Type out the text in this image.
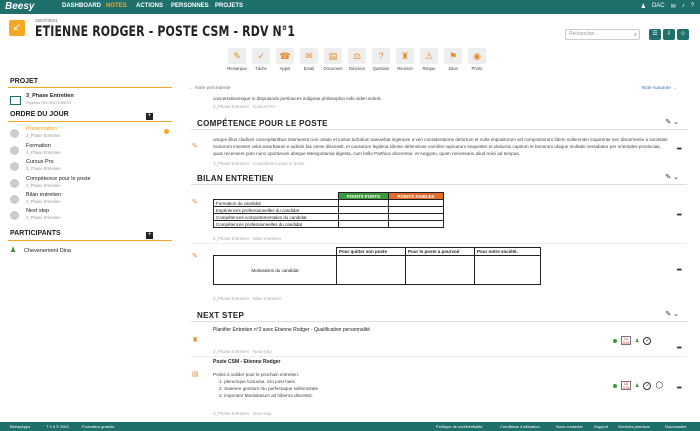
Beesy	DASHBOARD NOTES ACTIONS PERSONNES PROJETS	♟ DAC ✉ ♪ ?
↙
16/07/2021
ETIENNE RODGER - POSTE CSM - RDV N°1	Rechercher...	⌕	☰	⇩	☺
✎
Remarque
✓
Tâche
☎
Appel
✉
Email
▤
Document
⚖
Décision
?
Question
♜
Réunion
⚠
Risque
⚑
Jalon
◉
Photo
PROJET
3_Phase Entretien
Pipeline RECRUTEMENT
ORDRE DU JOUR	+
Présentation
3_Phase Entretien
Formation
3_Phase Entretien
Cursus Pro
3_Phase Entretien
Compétence pour le poste
3_Phase Entretien
Bilan entretien
3_Phase Entretien
Next step
3_Phase Entretien
PARTICIPANTS	+
♟	Chevenement Dina
← Note précédente	Note suivante →
concertationesque in disputando pertinaces indignae philosophia mihi videri solent.
3_Phase Entretien · Cursus Pro
COMPÉTENCE POUR LE POSTE	✎ ⌄
✎
umque illius cladium concepitaritbus interiuerint non celato et iuntus turbidum saeviebat ingenium a veri consideratione detortum et nulla impositorum vel compositorum fidem sollemniter inquirente nec discernente a societate
noxiorum insontes velut exturbatum e iudiciis fas omne discessit, et causarum legitima silente defensione carnifex rapinarum sequester et obductio capitum et bonorum ubique multatio versabatur per orientales provincias,
quas recensere puto nunc oportunum absque Mesopotamia digesta, cum bella Parthica dicerentur, et Aegypto, quam necessario aliud reiici ad tempus.
•••
3_Phase Entretien · Compétence pour le poste
BILAN ENTRETIEN	✎ ⌄
✎
	POINTS FORTS	POINTS FAIBLES
Formation du candidat		
Expériences professionnelles du candidat		
Compétences comportementales du candidat		
Compétences professionnelles du candidat		
•••
3_Phase Entretien · Bilan entretien
✎
	Pour quitter son poste	Pour le poste à pourvoir	Pour notre société.
Motivations du candidat				•••
3_Phase Entretien · Bilan entretien
NEXT STEP	✎ ⌄
♜
Planifier Entretien n°2 avec Etienne Rodger - Qualification personnalité
14
JUIL ♟	✓
•••
3_Phase Entretien · Next step
▤
Poste CSM - Etienne Rodger
Points à valider pour le prochain entretien:
1. plerumque luctuosa, icto post haec.
2. Saeeere gentium ritu perfectaque sollemnitate
3. imperator Mediolanum ad hiberna discessit.
16
JUIL ♟	✓ ⬡ •••
3_Phase Entretien · Next step
BeesyApps	T 2.5 © 2021	Formation gratuite	Politique de confidentialité	Conditions d'utilisation	Nous contacter	Support Services premium	Nouveautés
